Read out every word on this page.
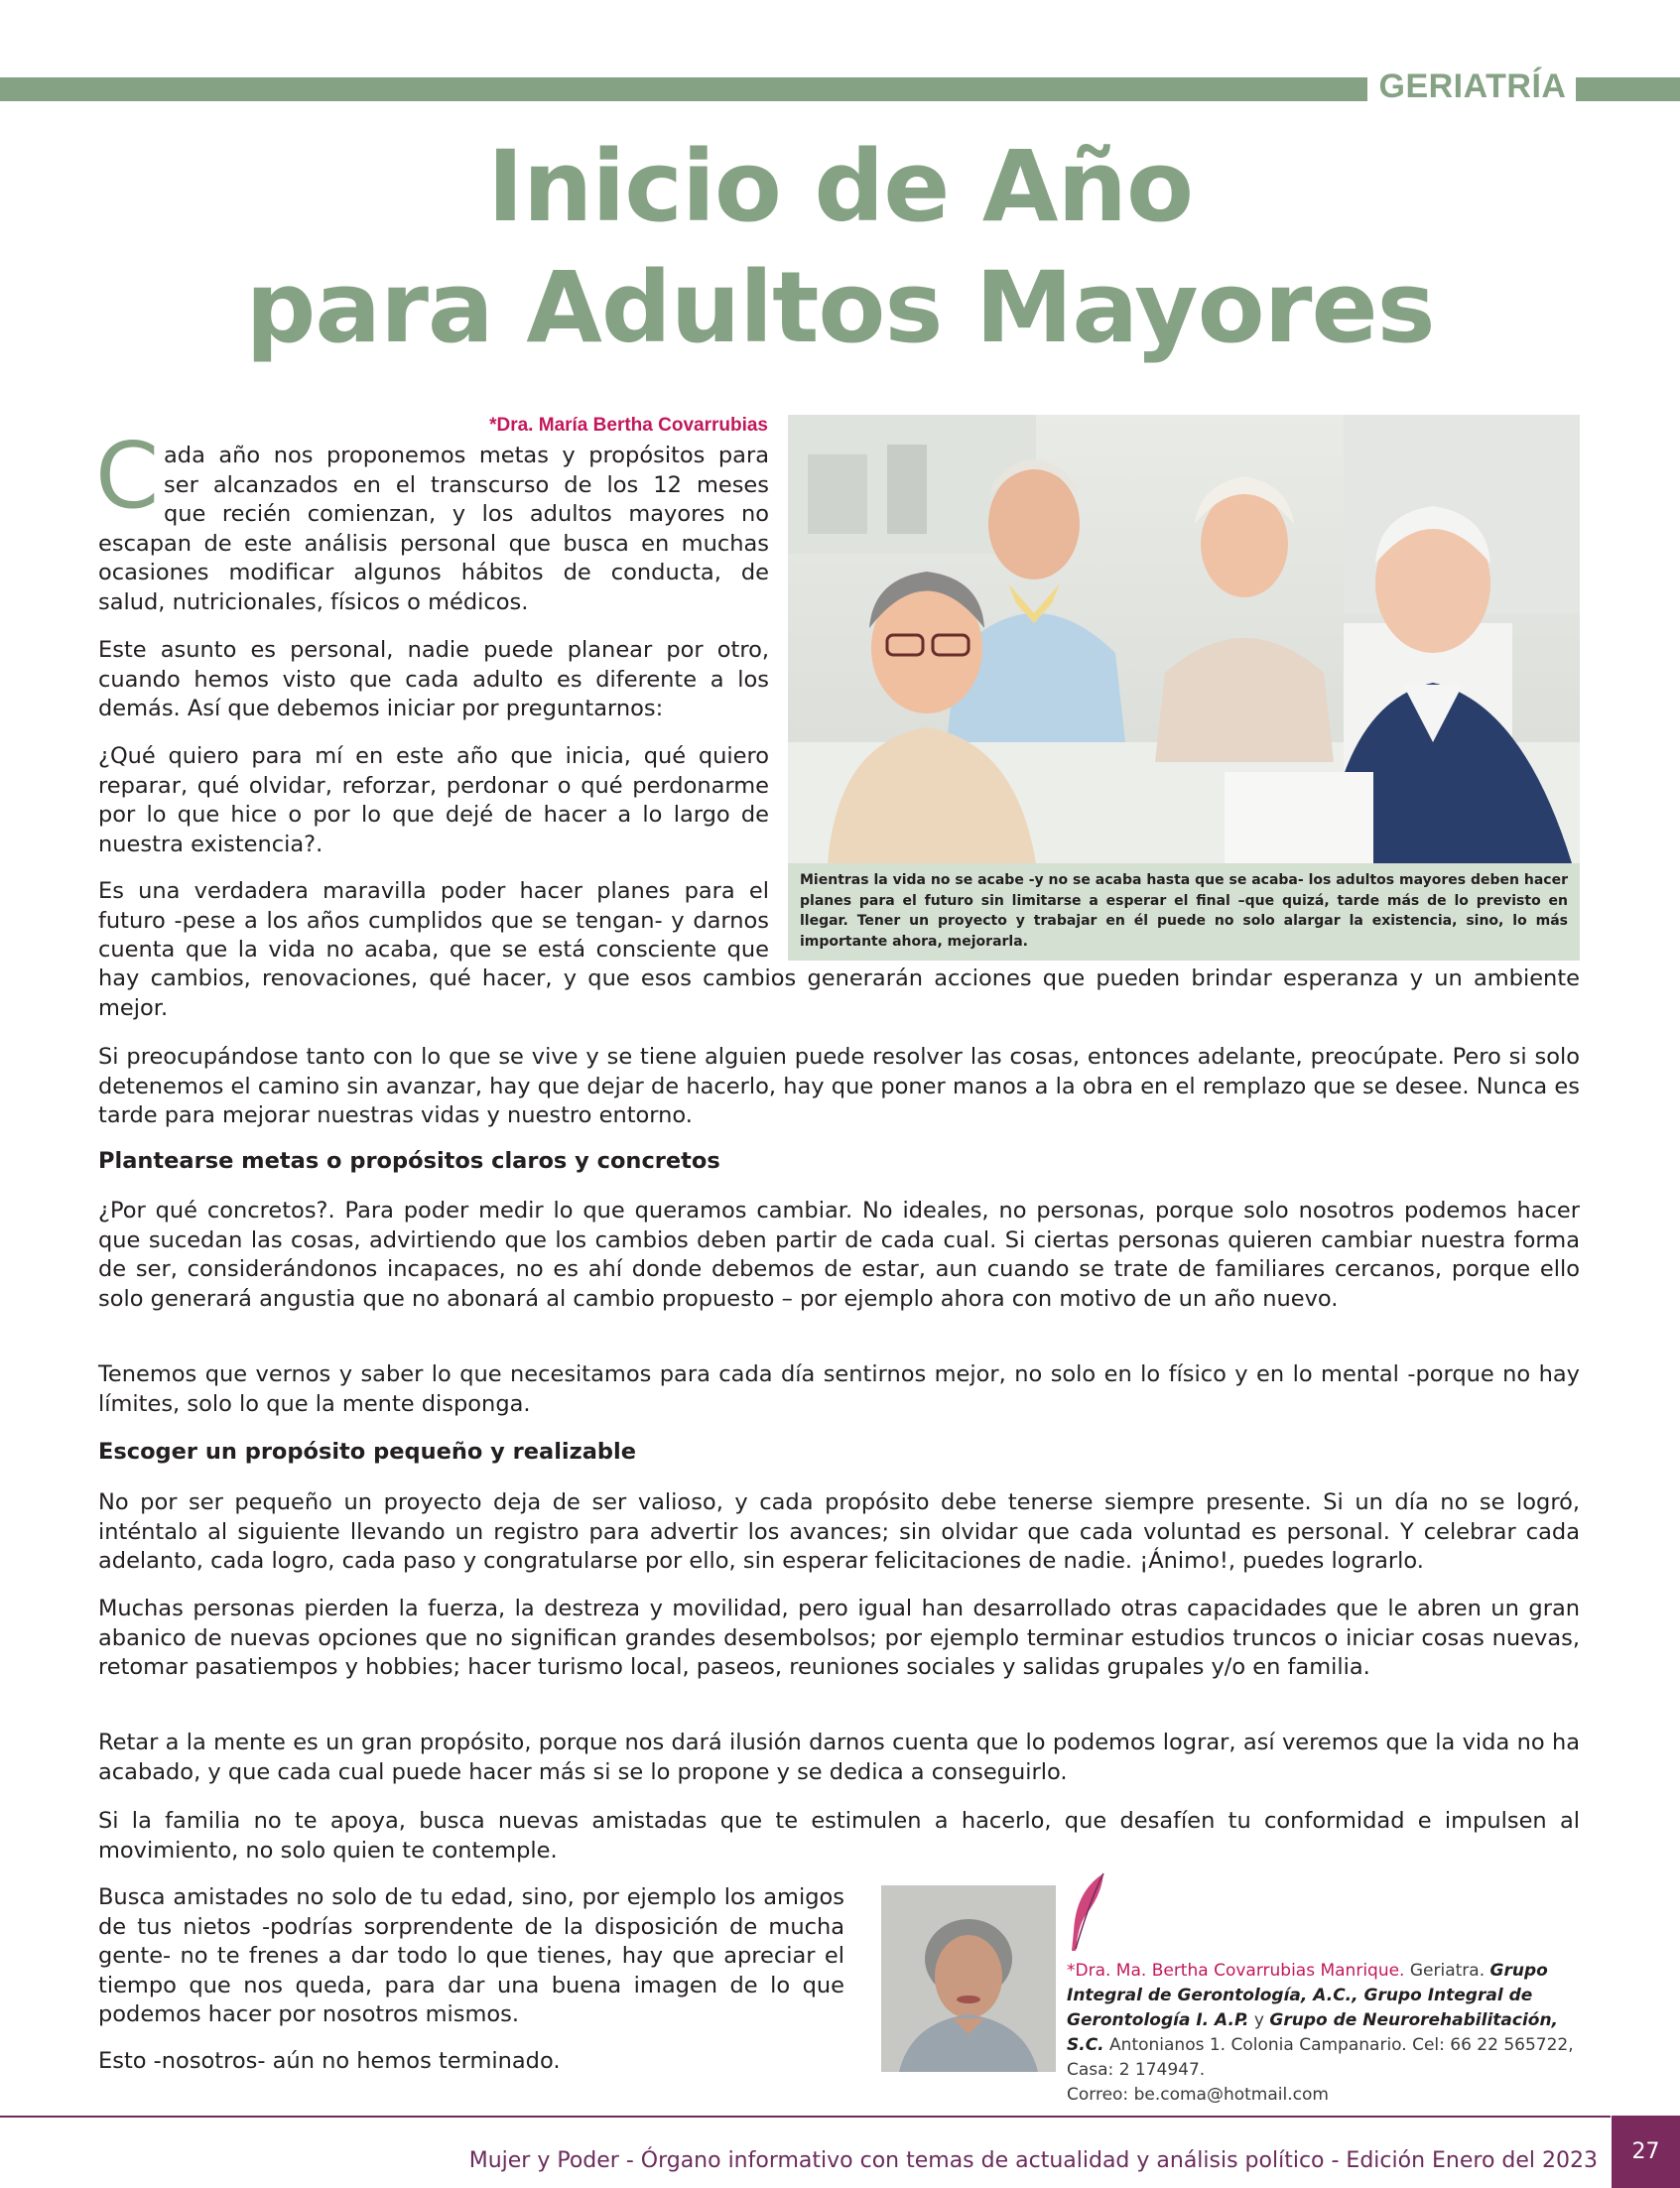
GERIATRÍA
Inicio de Año
para Adultos Mayores
*Dra. María Bertha Covarrubias
C ada año nos proponemos metas y propósitos para
ser alcanzados en el transcurso de los 12 meses
que recién comienzan, y los adultos mayores no
escapan de este análisis personal que busca en muchas
ocasiones modificar algunos hábitos de conducta, de
salud, nutricionales, físicos o médicos.
Este asunto es personal, nadie puede planear por otro, cuando hemos visto que cada adulto es diferente a los demás. Así que debemos iniciar por preguntarnos:
¿Qué quiero para mí en este año que inicia, qué quiero reparar, qué olvidar, reforzar, perdonar o qué perdonarme por lo que hice o por lo que dejé de hacer a lo largo de nuestra existencia?.
Es una verdadera maravilla poder hacer planes para el
futuro -pese a los años cumplidos que se tengan- y darnos
cuenta que la vida no acaba, que se está consciente que
hay cambios, renovaciones, qué hacer, y que esos cambios generarán acciones que pueden brindar esperanza y un ambiente mejor.
Mientras la vida no se acabe -y no se acaba hasta que se acaba- los adultos mayores deben hacer planes para el futuro sin limitarse a esperar el final –que quizá, tarde más de lo previsto en llegar. Tener un proyecto y trabajar en él puede no solo alargar la existencia, sino, lo más importante ahora, mejorarla.
Si preocupándose tanto con lo que se vive y se tiene alguien puede resolver las cosas, entonces adelante, preocúpate. Pero si solo detenemos el camino sin avanzar, hay que dejar de hacerlo, hay que poner manos a la obra en el remplazo que se desee. Nunca es tarde para mejorar nuestras vidas y nuestro entorno.
Plantearse metas o propósitos claros y concretos
¿Por qué concretos?. Para poder medir lo que queramos cambiar. No ideales, no personas, porque solo nosotros podemos hacer que sucedan las cosas, advirtiendo que los cambios deben partir de cada cual. Si ciertas personas quieren cambiar nuestra forma de ser, considerándonos incapaces, no es ahí donde debemos de estar, aun cuando se trate de familiares cercanos, porque ello solo generará angustia que no abonará al cambio propuesto – por ejemplo ahora con motivo de un año nuevo.
Tenemos que vernos y saber lo que necesitamos para cada día sentirnos mejor, no solo en lo físico y en lo mental -porque no hay límites, solo lo que la mente disponga.
Escoger un propósito pequeño y realizable
No por ser pequeño un proyecto deja de ser valioso, y cada propósito debe tenerse siempre presente. Si un día no se logró, inténtalo al siguiente llevando un registro para advertir los avances; sin olvidar que cada voluntad es personal. Y celebrar cada adelanto, cada logro, cada paso y congratularse por ello, sin esperar felicitaciones de nadie. ¡Ánimo!, puedes lograrlo.
Muchas personas pierden la fuerza, la destreza y movilidad, pero igual han desarrollado otras capacidades que le abren un gran abanico de nuevas opciones que no significan grandes desembolsos; por ejemplo terminar estudios truncos o iniciar cosas nuevas, retomar pasatiempos y hobbies; hacer turismo local, paseos, reuniones sociales y salidas grupales y/o en familia.
Retar a la mente es un gran propósito, porque nos dará ilusión darnos cuenta que lo podemos lograr, así veremos que la vida no ha acabado, y que cada cual puede hacer más si se lo propone y se dedica a conseguirlo.
Si la familia no te apoya, busca nuevas amistadas que te estimulen a hacerlo, que desafíen tu conformidad e impulsen al movimiento, no solo quien te contemple.
Busca amistades no solo de tu edad, sino, por ejemplo los amigos de tus nietos -podrías sorprendente de la disposición de mucha gente- no te frenes a dar todo lo que tienes, hay que apreciar el tiempo que nos queda, para dar una buena imagen de lo que podemos hacer por nosotros mismos.
Esto -nosotros- aún no hemos terminado.
*Dra. Ma. Bertha Covarrubias Manrique. Geriatra. Grupo Integral de Gerontología, A.C., Grupo Integral de Gerontología I. A.P. y Grupo de Neurorehabilitación, S.C. Antonianos 1. Colonia Campanario. Cel: 66 22 565722, Casa: 2 174947.
Correo: be.coma@hotmail.com
Mujer y Poder - Órgano informativo con temas de actualidad y análisis político - Edición Enero del 2023	27
